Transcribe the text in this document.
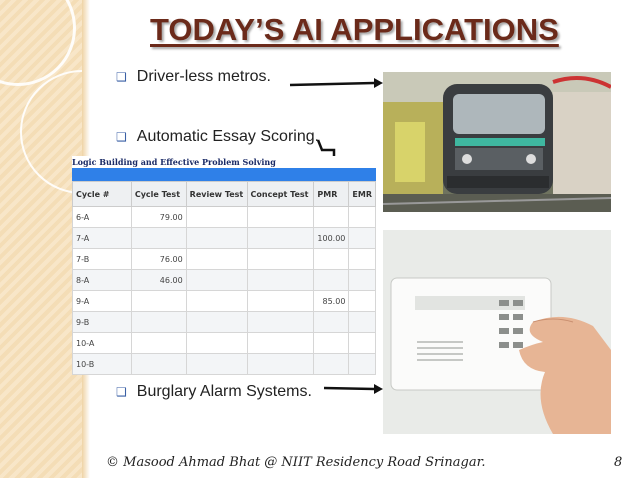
TODAY’S AI APPLICATIONS
❑ Driver-less metros.
❑ Automatic Essay Scoring.
❑ Burglary Alarm Systems.
Logic Building and Effective Problem Solving
Cycle #	Cycle Test	Review Test	Concept Test	PMR	EMR
6-A	79.00				
7-A				100.00	
7-B	76.00				
8-A	46.00				
9-A				85.00	
9-B					
10-A					
10-B					
© Masood Ahmad Bhat @ NIIT Residency Road Srinagar.	8
